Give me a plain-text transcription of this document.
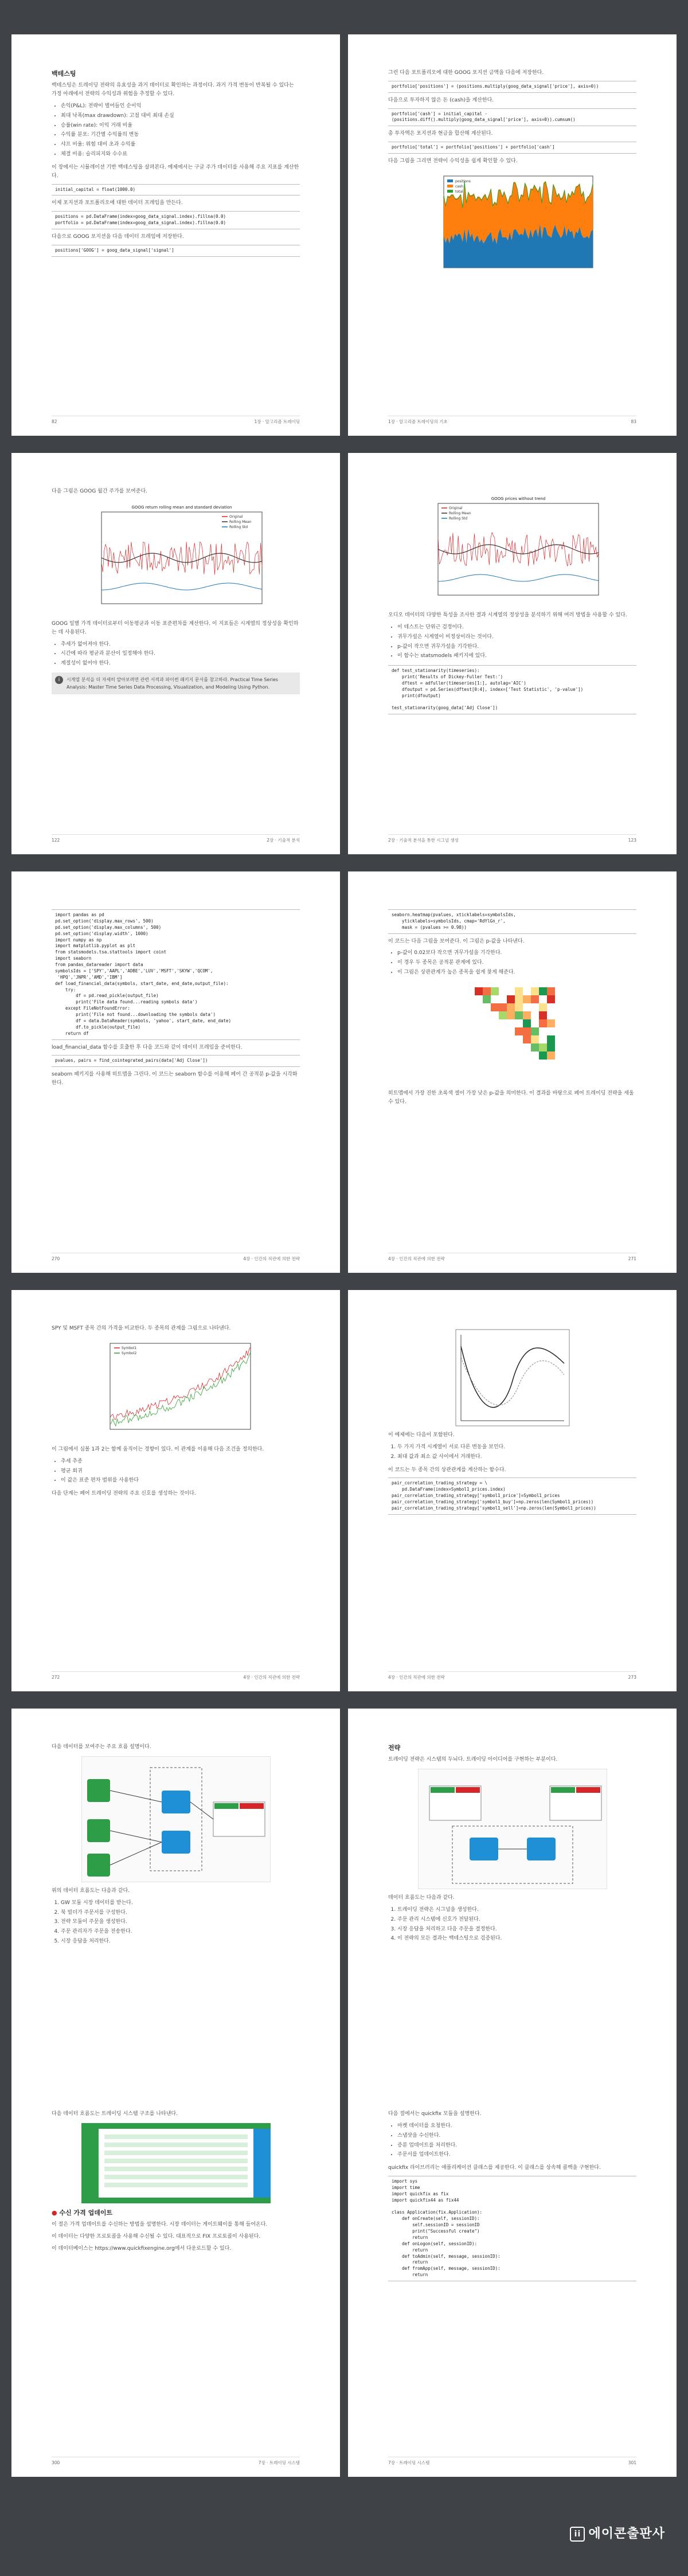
백테스팅

백테스팅은 트레이딩 전략의 유효성을 과거 데이터로 확인하는 과정이다. 과거 가격 변동이 반복될 수 있다는 가정 아래에서 전략의 수익성과 위험을 추정할 수 있다.

• 손익(P&L): 전략이 벌어들인 순이익
• 최대 낙폭(max drawdown): 고점 대비 최대 손실
• 승률(win rate): 이익 거래 비율
• 수익률 분포: 기간별 수익률의 변동
• 샤프 비율: 위험 대비 초과 수익률
• 체결 비용: 슬리피지와 수수료

이 장에서는 시뮬레이션 기반 백테스팅을 살펴본다. 예제에서는 구글 주가 데이터를 사용해 주요 지표를 계산한다.

initial_capital = float(1000.0)

이제 포지션과 포트폴리오에 대한 데이터 프레임을 만든다.

positions = pd.DataFrame(index=goog_data_signal.index).fillna(0.0)
portfolio = pd.DataFrame(index=goog_data_signal.index).fillna(0.0)

다음으로 GOOG 포지션을 다음 데이터 프레임에 저장한다.

positions['GOOG'] = goog_data_signal['signal']
82	1장 · 알고리즘 트레이딩

그런 다음 포트폴리오에 대한 GOOG 포지션 금액을 다음에 저장한다.

portfolio['positions'] = (positions.multiply(goog_data_signal['price'], axis=0))

다음으로 투자하지 않은 돈 (cash)을 계산한다.

portfolio['cash'] = initial_capital -
(positions.diff().multiply(goog_data_signal['price'], axis=0)).cumsum()

총 투자액은 포지션과 현금을 합산해 계산된다.

portfolio['total'] = portfolio['positions'] + portfolio['cash']

다음 그림을 그리면 전략이 수익성을 쉽게 확인할 수 있다.

positions
cash
total
83
1장 · 알고리즘 트레이딩의 기초

다음 그림은 GOOG 월간 주가를 보여준다.

GOOG return rolling mean and standard deviation
Original
Rolling Mean
Rolling Std

GOOG 일별 가격 데이터로부터 이동평균과 이동 표준편차를 계산한다. 이 지표들은 시계열의 정상성을 확인하는 데 사용된다.

• 추세가 없어져야 한다.
• 시간에 따라 평균과 분산이 일정해야 한다.
• 계절성이 없어야 한다.
i	시계열 분석을 더 자세히 알아보려면 관련 서적과 파이썬 패키지 문서를 참고하라. Practical Time Series Analysis: Master Time Series Data Processing, Visualization, and Modeling Using Python.
122	2장 · 기술적 분석
GOOG prices without trend
Original
Rolling Mean
Rolling Std

오디오 데이터의 다양한 특성을 조사한 결과 시계열의 정상성을 분석하기 위해 여러 방법을 사용할 수 있다.

• 이 테스트는 단위근 검정이다.
• 귀무가설은 시계열이 비정상이라는 것이다.
• p-값이 작으면 귀무가설을 기각한다.
• 이 함수는 statsmodels 패키지에 있다.
def test_stationarity(timeseries):
print('Results of Dickey-Fuller Test:')
dftest = adfuller(timeseries[1:], autolag='AIC')
dfoutput = pd.Series(dftest[0:4], index=['Test Statistic', 'p-value'])
print(dfoutput)

test_stationarity(goog_data['Adj Close'])
123
2장 · 기술적 분석을 통한 시그널 생성
import pandas as pd
pd.set_option('display.max_rows', 500)
pd.set_option('display.max_columns', 500)
pd.set_option('display.width', 1000)
import numpy as np
import matplotlib.pyplot as plt
from statsmodels.tsa.stattools import coint
import seaborn
from pandas_datareader import data
symbolsIds = ['SPY','AAPL','ADBE','LUV','MSFT','SKYW','QCOM',
'HPQ','JNPR','AMD','IBM']
def load_financial_data(symbols, start_date, end_date,output_file):
try:
df = pd.read_pickle(output_file)
print('File data found...reading symbols data')
except FileNotFoundError:
print('File not found...downloading the symbols data')
df = data.DataReader(symbols, 'yahoo', start_date, end_date)
df.to_pickle(output_file)
return df

load_financial_data 함수를 호출한 후 다음 코드와 같이 데이터 프레임을 준비한다.

pvalues, pairs = find_cointegrated_pairs(data['Adj Close'])

seaborn 패키지를 사용해 히트맵을 그린다. 이 코드는 seaborn 함수를 이용해 페어 간 공적분 p-값을 시각화한다.

270	4장 · 인간의 직관에 의한 전략
seaborn.heatmap(pvalues, xticklabels=symbolsIds,
yticklabels=symbolsIds, cmap='RdYlGn_r',
mask = (pvalues >= 0.98))

이 코드는 다음 그림을 보여준다. 이 그림은 p-값을 나타낸다.

• p-값이 0.02보다 작으면 귀무가설을 기각한다.
• 이 경우 두 종목은 공적분 관계에 있다.
• 이 그림은 상관관계가 높은 종목을 쉽게 찾게 해준다.

히트맵에서 가장 진한 초록색 셀이 가장 낮은 p-값을 의미한다. 이 결과를 바탕으로 페어 트레이딩 전략을 세울 수 있다.

271
4장 · 인간의 직관에 의한 전략

SPY 및 MSFT 종목 간의 가격을 비교한다. 두 종목의 관계를 그림으로 나타낸다.

Symbol1
Symbol2

이 그림에서 심볼 1과 2는 함께 움직이는 경향이 있다. 이 관계를 이용해 다음 조건을 정의한다.

• 추세 추종
• 평균 회귀
• 이 값은 표준 편차 범위를 사용한다

다음 단계는 페어 트레이딩 전략의 주요 신호를 생성하는 것이다.

272	4장 · 인간의 직관에 의한 전략

이 예제에는 다음이 포함된다.

1. 두 가지 가격 시계열이 서로 다른 변동을 보인다.
2. 최대 값과 최소 값 사이에서 거래한다.

이 코드는 두 종목 간의 상관관계를 계산하는 함수다.

pair_correlation_trading_strategy = \
pd.DataFrame(index=Symbol1_prices.index)
pair_correlation_trading_strategy['symbol1_price']=Symbol1_prices
pair_correlation_trading_strategy['symbol1_buy']=np.zeros(len(Symbol1_prices))
pair_correlation_trading_strategy['symbol1_sell']=np.zeros(len(Symbol1_prices))
273
4장 · 인간의 직관에 의한 전략

다음 데이터를 보여주는 주요 흐름 설명이다.

위의 데이터 흐름도는 다음과 같다.

1. GW 모듈 시장 데이터를 받는다.
2. 북 빌더가 주문서를 구성한다.
3. 전략 모듈이 주문을 생성한다.
4. 주문 관리자가 주문을 전송한다.
5. 시장 응답을 처리한다.
전략

트레이딩 전략은 시스템의 두뇌다. 트레이딩 아이디어를 구현하는 부분이다.

데이터 흐름도는 다음과 같다.

1. 트레이딩 전략은 시그널을 생성한다.
2. 주문 관리 시스템에 신호가 전달된다.
3. 시장 응답을 처리하고 다음 주문을 결정한다.
4. 이 전략의 모든 결과는 백테스팅으로 검증된다.

다음 데이터 흐름도는 트레이딩 시스템 구조를 나타낸다.

● 수신 가격 업데이트

이 절은 가격 업데이트를 수신하는 방법을 설명한다. 시장 데이터는 게이트웨이를 통해 들어온다.

이 데이터는 다양한 프로토콜을 사용해 수신될 수 있다. 대표적으로 FIX 프로토콜이 사용된다.

이 데이터베이스는 https://www.quickfixengine.org에서 다운로드할 수 있다.

300	7장 · 트레이딩 시스템

다음 절에서는 quickfix 모듈을 설명한다.

• 마켓 데이터를 요청한다.
• 스냅샷을 수신한다.
• 증분 업데이트를 처리한다.
• 주문서를 업데이트한다.

quickfix 라이브러리는 애플리케이션 클래스를 제공한다. 이 클래스를 상속해 콜백을 구현한다.

import sys
import time
import quickfix as fix
import quickfix44 as fix44

class Application(fix.Application):
def onCreate(self, sessionID):
self.sessionID = sessionID
print("Successful create")
return
def onLogon(self, sessionID):
return
def toAdmin(self, message, sessionID):
return
def fromApp(self, message, sessionID):
return
301
7장 · 트레이딩 시스템
ii 에이콘출판사
